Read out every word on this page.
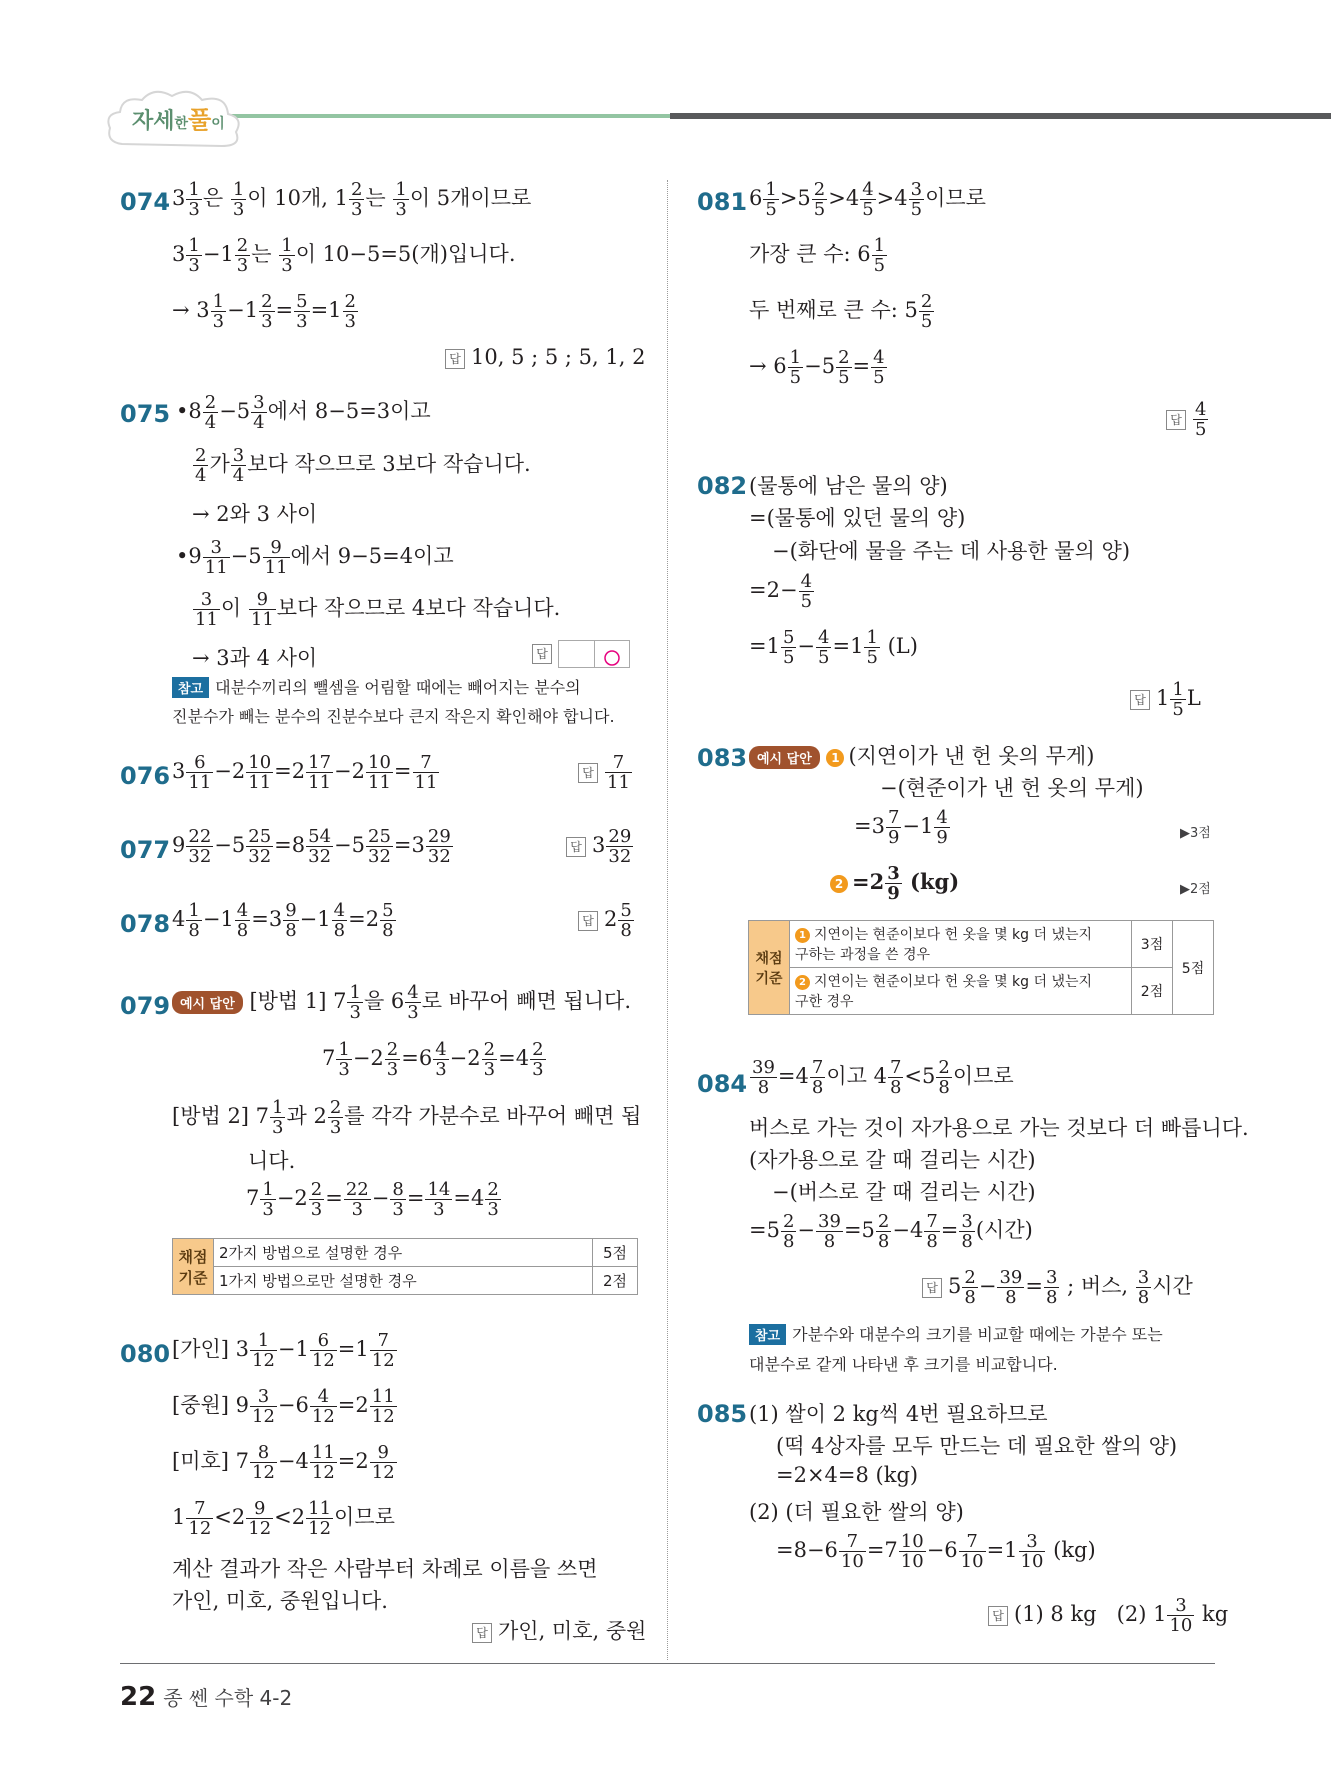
자세한풀이
074 $3 \frac{1}{3}$ 은 $\frac{1}{3}$ 이 10개, $1 \frac{2}{3}$ 는 $\frac{1}{3}$ 이 5개이므로
$3 \frac{1}{3} -1 \frac{2}{3}$ 는 $\frac{1}{3}$ 이 10−5=5(개)입니다.
→ $3 \frac{1}{3} -1 \frac{2}{3} = \frac{5}{3} =1 \frac{2}{3}$
답 10, 5 ; 5 ; 5, 1, 2
075 •8 $\frac{2}{4} -5 \frac{3}{4}$ 에서 8−5=3이고
$\frac{2}{4}$ 가 $\frac{3}{4}$ 보다 작으므로 3보다 작습니다.
→ 2와 3 사이
•9 $\frac{3}{11} -5 \frac{9}{11}$ 에서 9−5=4이고
$\frac{3}{11}$ 이 $\frac{9}{11}$ 보다 작으므로 4보다 작습니다.
→ 3과 4 사이	답
참고 대분수끼리의 뺄셈을 어림할 때에는 빼어지는 분수의
진분수가 빼는 분수의 진분수보다 큰지 작은지 확인해야 합니다.
076 $3 \frac{6}{11} -2 \frac{10}{11} =2 \frac{17}{11} -2 \frac{10}{11} = \frac{7}{11}$	답 $\frac{7}{11}$
077 $9 \frac{22}{32} -5 \frac{25}{32} =8 \frac{54}{32} -5 \frac{25}{32} =3 \frac{29}{32}$	답 $3 \frac{29}{32}$
078 $4 \frac{1}{8} -1 \frac{4}{8} =3 \frac{9}{8} -1 \frac{4}{8} =2 \frac{5}{8}$	답 $2 \frac{5}{8}$
079 예시 답안 [방법 1] $7 \frac{1}{3}$ 을 $6 \frac{4}{3}$ 로 바꾸어 빼면 됩니다.
$7 \frac{1}{3} -2 \frac{2}{3} =6 \frac{4}{3} -2 \frac{2}{3} =4 \frac{2}{3}$
[방법 2] $7 \frac{1}{3}$ 과 $2 \frac{2}{3}$ 를 각각 가분수로 바꾸어 빼면 됩
니다.
$7 \frac{1}{3} -2 \frac{2}{3} = \frac{22}{3} - \frac{8}{3} = \frac{14}{3} =4 \frac{2}{3}$
채점 기준	2가지 방법으로 설명한 경우	5점
	1가지 방법으로만 설명한 경우	2점
080 [가인] $3 \frac{1}{12} -1 \frac{6}{12} =1 \frac{7}{12}$
[중원] $9 \frac{3}{12} -6 \frac{4}{12} =2 \frac{11}{12}$
[미호] $7 \frac{8}{12} -4 \frac{11}{12} =2 \frac{9}{12}$
$1 \frac{7}{12} <2 \frac{9}{12} <2 \frac{11}{12}$ 이므로
계산 결과가 작은 사람부터 차례로 이름을 쓰면
가인, 미호, 중원입니다.
답 가인, 미호, 중원
081 $6 \frac{1}{5} >5 \frac{2}{5} >4 \frac{4}{5} >4 \frac{3}{5}$ 이므로
가장 큰 수: $6 \frac{1}{5}$
두 번째로 큰 수: $5 \frac{2}{5}$
→ $6 \frac{1}{5} -5 \frac{2}{5} = \frac{4}{5}$
답 $\frac{4}{5}$
082 (물통에 남은 물의 양)
=(물통에 있던 물의 양)
−(화단에 물을 주는 데 사용한 물의 양)
$=2- \frac{4}{5}$
$=1 \frac{5}{5} - \frac{4}{5} =1 \frac{1}{5} (L)$
답 $1 \frac{1}{5}$ L
083 예시 답안 1 (지연이가 낸 헌 옷의 무게)
−(현준이가 낸 헌 옷의 무게)
$=3 \frac{7}{9} -1 \frac{4}{9}$	▶3점
$2 =2 \frac{3}{9} (kg)$	▶2점
채점 기준	1 지연이는 현준이보다 헌 옷을 몇 kg 더 냈는지
구하는 과정을 쓴 경우	3점	5점
	2 지연이는 현준이보다 헌 옷을 몇 kg 더 냈는지
구한 경우	2점	
$084 \frac{39}{8} =4 \frac{7}{8}$ 이고 $4 \frac{7}{8} <5 \frac{2}{8}$ 이므로
버스로 가는 것이 자가용으로 가는 것보다 더 빠릅니다.
(자가용으로 갈 때 걸리는 시간)
−(버스로 갈 때 걸리는 시간)
$=5 \frac{2}{8} - \frac{39}{8} =5 \frac{2}{8} -4 \frac{7}{8} = \frac{3}{8}$ (시간)
답 $5 \frac{2}{8} - \frac{39}{8} = \frac{3}{8}$ ; 버스, $\frac{3}{8}$ 시간
참고 가분수와 대분수의 크기를 비교할 때에는 가분수 또는
대분수로 같게 나타낸 후 크기를 비교합니다.
085 (1) 쌀이 2 kg씩 4번 필요하므로
(떡 4상자를 모두 만드는 데 필요한 쌀의 양)
=2×4=8 (kg)
(2) (더 필요한 쌀의 양)
$=8-6 \frac{7}{10} =7 \frac{10}{10} -6 \frac{7}{10} =1 \frac{3}{10} (kg)$
답 (1) 8 kg (2) $1 \frac{3}{10}$ kg
22 종 쎈 수학 4-2
